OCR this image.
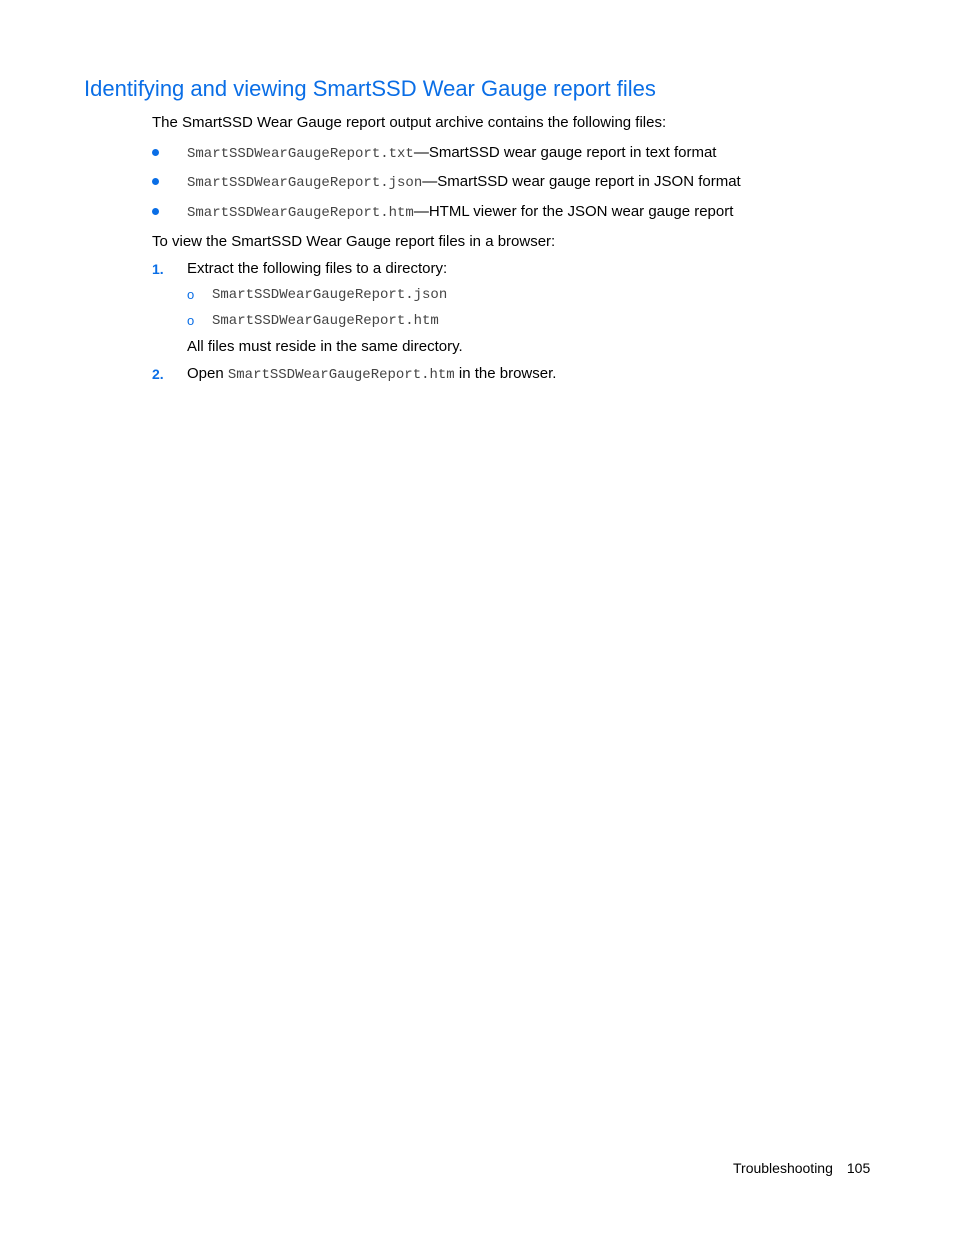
Identifying and viewing SmartSSD Wear Gauge report files
The SmartSSD Wear Gauge report output archive contains the following files:
SmartSSDWearGaugeReport.txt—SmartSSD wear gauge report in text format
SmartSSDWearGaugeReport.json—SmartSSD wear gauge report in JSON format
SmartSSDWearGaugeReport.htm—HTML viewer for the JSON wear gauge report
To view the SmartSSD Wear Gauge report files in a browser:
1. Extract the following files to a directory:
o SmartSSDWearGaugeReport.json
o SmartSSDWearGaugeReport.htm
All files must reside in the same directory.
2. Open SmartSSDWearGaugeReport.htm in the browser.
Troubleshooting 105
